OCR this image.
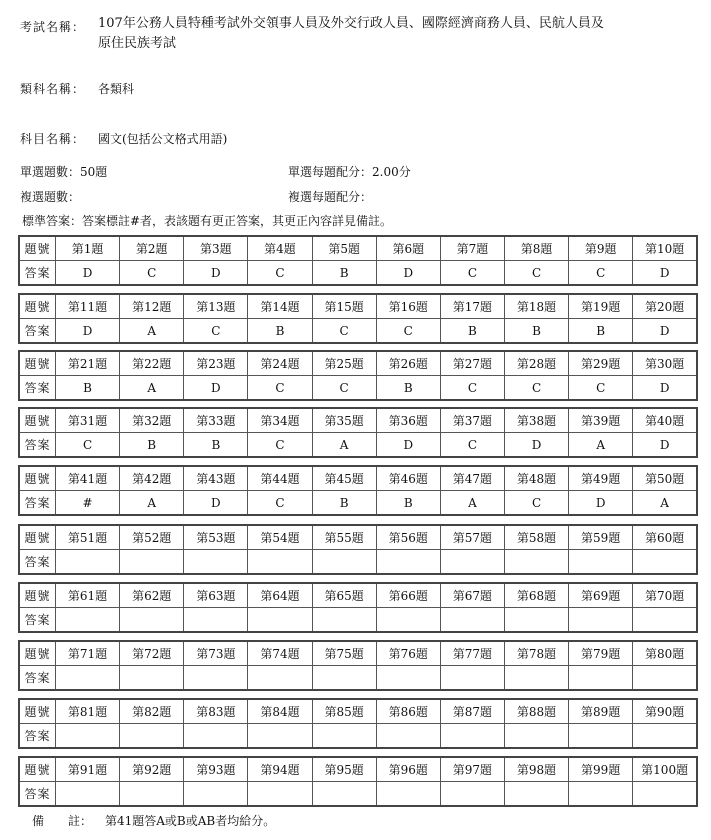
考試名稱： 107年公務人員特種考試外交領事人員及外交行政人員、國際經濟商務人員、民航人員及
原住民族考試
類科名稱： 各類科
科目名稱： 國文(包括公文格式用語)
單選題數：50題	單選每題配分：2.00分
複選題數：	複選每題配分：
標準答案：答案標註#者，表該題有更正答案，其更正內容詳見備註。
題號	第1題	第2題	第3題	第4題	第5題	第6題	第7題	第8題	第9題	第10題
答案	D	C	D	C	B	D	C	C	C	D
題號	第11題	第12題	第13題	第14題	第15題	第16題	第17題	第18題	第19題	第20題
答案	D	A	C	B	C	C	B	B	B	D
題號	第21題	第22題	第23題	第24題	第25題	第26題	第27題	第28題	第29題	第30題
答案	B	A	D	C	C	B	C	C	C	D
題號	第31題	第32題	第33題	第34題	第35題	第36題	第37題	第38題	第39題	第40題
答案	C	B	B	C	A	D	C	D	A	D
題號	第41題	第42題	第43題	第44題	第45題	第46題	第47題	第48題	第49題	第50題
答案	#	A	D	C	B	B	A	C	D	A
題號	第51題	第52題	第53題	第54題	第55題	第56題	第57題	第58題	第59題	第60題
答案										
題號	第61題	第62題	第63題	第64題	第65題	第66題	第67題	第68題	第69題	第70題
答案										
題號	第71題	第72題	第73題	第74題	第75題	第76題	第77題	第78題	第79題	第80題
答案										
題號	第81題	第82題	第83題	第84題	第85題	第86題	第87題	第88題	第89題	第90題
答案										
題號	第91題	第92題	第93題	第94題	第95題	第96題	第97題	第98題	第99題	第100題
答案										
備　　註： 第41題答A或B或AB者均給分。
